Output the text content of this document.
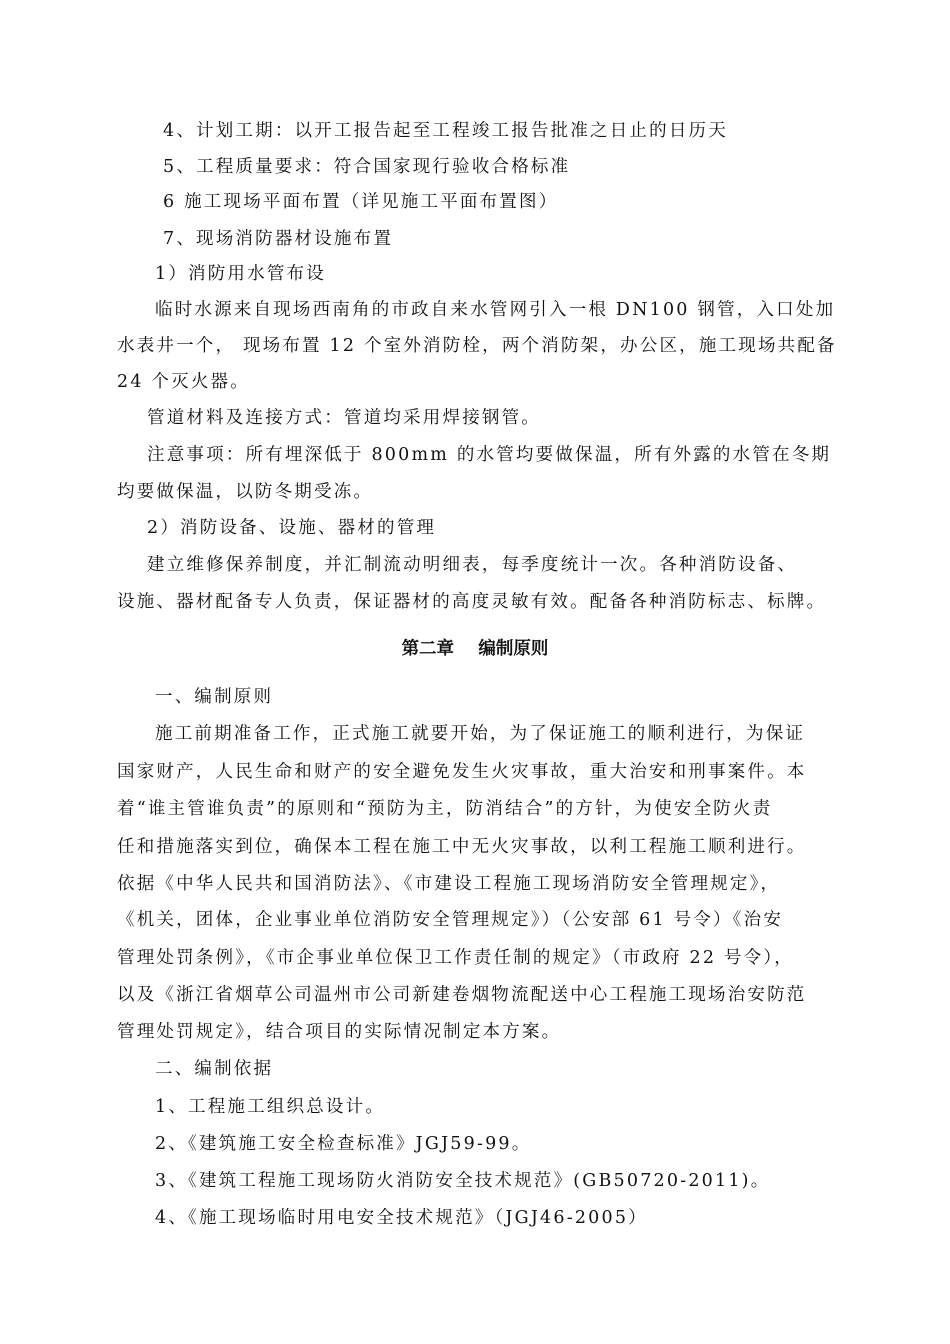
4、计划工期：以开工报告起至工程竣工报告批准之日止的日历天
5、工程质量要求：符合国家现行验收合格标准
6 施工现场平面布置（详见施工平面布置图）
7、现场消防器材设施布置
1）消防用水管布设
临时水源来自现场西南角的市政自来水管网引入一根 DN100 钢管，入口处加
水表井一个， 现场布置 12 个室外消防栓，两个消防架，办公区，施工现场共配备
24 个灭火器。
管道材料及连接方式：管道均采用焊接钢管。
注意事项：所有埋深低于 800mm 的水管均要做保温，所有外露的水管在冬期
均要做保温，以防冬期受冻。
2）消防设备、设施、器材的管理
建立维修保养制度，并汇制流动明细表，每季度统计一次。各种消防设备、
设施、器材配备专人负责，保证器材的高度灵敏有效。配备各种消防标志、标牌。
第二章    编制原则
一、编制原则
施工前期准备工作，正式施工就要开始，为了保证施工的顺利进行，为保证
国家财产，人民生命和财产的安全避免发生火灾事故，重大治安和刑事案件。本
着“谁主管谁负责”的原则和“预防为主，防消结合”的方针，为使安全防火责
任和措施落实到位，确保本工程在施工中无火灾事故，以利工程施工顺利进行。
依据《中华人民共和国消防法》、《市建设工程施工现场消防安全管理规定》，
《机关，团体，企业事业单位消防安全管理规定》）（公安部 61 号令）《治安
管理处罚条例》，《市企事业单位保卫工作责任制的规定》（市政府 22 号令），
以及《浙江省烟草公司温州市公司新建卷烟物流配送中心工程施工现场治安防范
管理处罚规定》，结合项目的实际情况制定本方案。
二、编制依据
1、工程施工组织总设计。
2、《建筑施工安全检查标准》JGJ59-99。
3、《建筑工程施工现场防火消防安全技术规范》(GB50720-2011)。
4、《施工现场临时用电安全技术规范》（JGJ46-2005）
